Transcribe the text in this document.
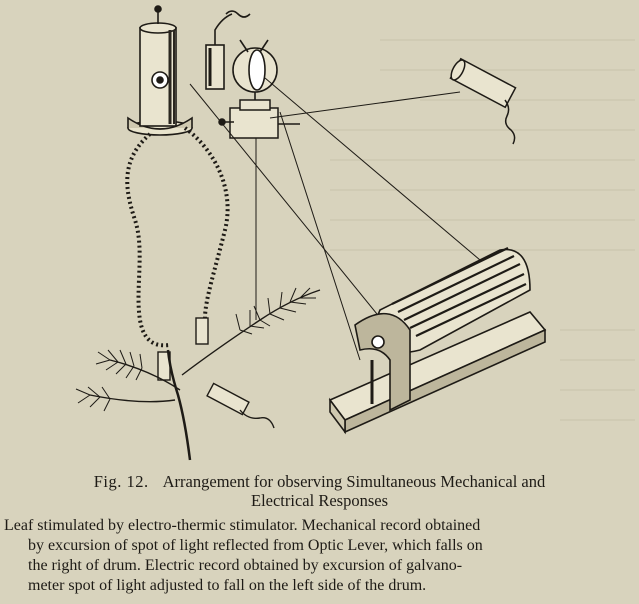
Fig. 12. Arrangement for observing Simultaneous Mechanical and
Electrical Responses
Leaf stimulated by electro-thermic stimulator. Mechanical record obtained
by excursion of spot of light reflected from Optic Lever, which falls on
the right of drum. Electric record obtained by excursion of galvano-
meter spot of light adjusted to fall on the left side of the drum.
